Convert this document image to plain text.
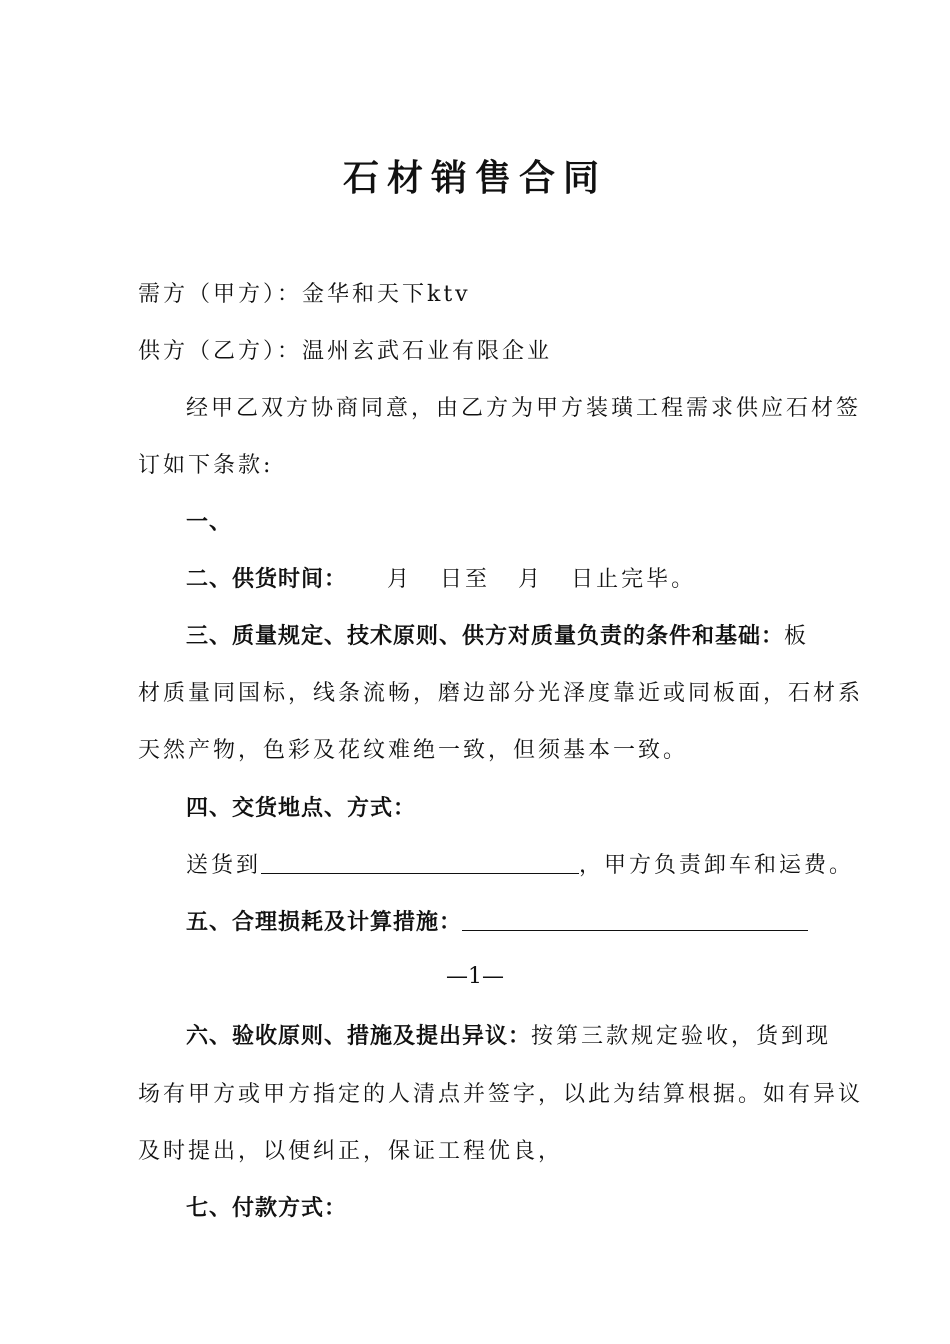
石材销售合同
需方（甲方）：金华和天下ktv
供方（乙方）：温州玄武石业有限企业
经甲乙双方协商同意，由乙方为甲方装璜工程需求供应石材签
订如下条款:
一、
二、供货时间： 月 日至 月 日止完毕。
三、质量规定、技术原则、供方对质量负责的条件和基础：板
材质量同国标，线条流畅，磨边部分光泽度靠近或同板面，石材系
天然产物，色彩及花纹难绝一致，但须基本一致。
四、交货地点、方式：
送货到	，甲方负责卸车和运费。
五、合理损耗及计算措施：
—1—
六、验收原则、措施及提出异议：按第三款规定验收，货到现
场有甲方或甲方指定的人清点并签字，以此为结算根据。如有异议
及时提出，以便纠正，保证工程优良，
七、付款方式：
